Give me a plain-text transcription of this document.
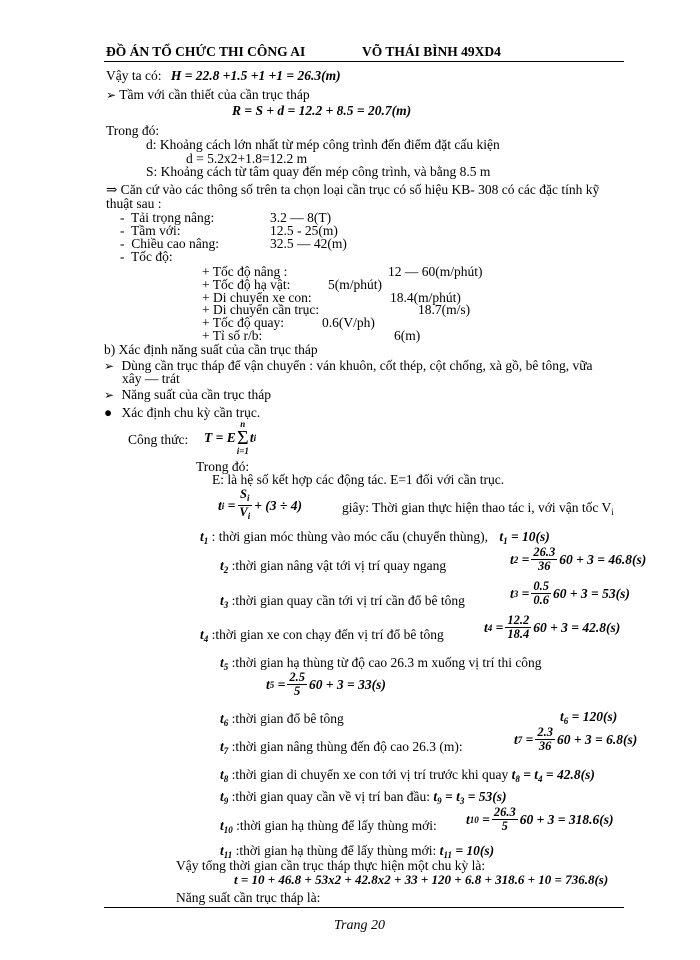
ĐỒ ÁN TỔ CHỨC THI CÔNG AI	VÕ THÁI BÌNH 49XD4
Vậy ta có: H = 22.8 +1.5 +1 +1 = 26.3(m)
➢ Tầm với cần thiết của cần trục tháp
R = S + d = 12.2 + 8.5 = 20.7(m)
Trong đó:
d: Khoảng cách lớn nhất từ mép công trình đến điểm đặt cấu kiện
d = 5.2x2+1.8=12.2 m
S: Khoảng cách từ tâm quay đến mép công trình, và bằng 8.5 m
⇒ Căn cứ vào các thông số trên ta chọn loại cần trục có số hiệu KB- 308 có các đặc tính kỹ
thuật sau :
- Tải trọng nâng:	3.2 — 8(T)
- Tầm với:	12.5 - 25(m)
- Chiều cao nâng:	32.5 — 42(m)
- Tốc độ:
+ Tốc độ nâng :	12 — 60(m/phút)
+ Tốc độ hạ vật:	5(m/phút)
+ Di chuyển xe con:	18.4(m/phút)
+ Di chuyển cần trục:	18.7(m/s)
+ Tốc độ quay:	0.6(V/ph)
+ Tỉ số r/b:	6(m)
b) Xác định năng suất của cần trục tháp
➢ Dùng cần trục tháp để vận chuyển : ván khuôn, cốt thép, cột chống, xà gồ, bê tông, vữa
xây — trát
➢ Năng suất của cần trục tháp
● Xác định chu kỳ cần trục.
Công thức: T = E
n
Σ
i=1
t i
Trong đó:
E: là hệ số kết hợp các động tác. E=1 đối với cần trục.
t $i = \frac{S_i}{V_i} + (3 \div 4)$	giây: Thời gian thực hiện thao tác i, với vận tốc $V_i$
$t_1$ : thời gian móc thùng vào móc cẩu (chuyển thùng), $t_1 = 10(s)$
$t_2$ :thời gian nâng vật tới vị trí quay ngang	t $2 = \frac{26.3}{36} 60 + 3 = 46.8(s)$
$t_3$ :thời gian quay cần tới vị trí cần đổ bê tông	t $3 = \frac{0.5}{0.6} 60 + 3 = 53(s)$
$t_4$ :thời gian xe con chạy đến vị trí đổ bê tông	t $4 = \frac{12.2}{18.4} 60 + 3 = 42.8(s)$
$t_5$ :thời gian hạ thùng từ độ cao 26.3 m xuống vị trí thi công
t $5 = \frac{2.5}{5} 60 + 3 = 33(s)$
$t_6$ :thời gian đổ bê tông	$t_6 = 120(s)$
$t_7$ :thời gian nâng thùng đến độ cao 26.3 (m):	t $7 = \frac{2.3}{36} 60 + 3 = 6.8(s)$
$t_8$ :thời gian di chuyển xe con tới vị trí trước khi quay $t_8 = t_4 = 42.8(s)$
$t_9$ :thời gian quay cần về vị trí ban đầu: $t_9 = t_3 = 53(s)$
$t_{10}$ :thời gian hạ thùng để lấy thùng mới: t $10 = \frac{26.3}{5} 60 + 3 = 318.6(s)$
$t_{11}$ :thời gian hạ thùng để lấy thùng mới: $t_{11} = 10(s)$
Vậy tổng thời gian cần trục tháp thực hiện một chu kỳ là:
t = 10 + 46.8 + 53x2 + 42.8x2 + 33 + 120 + 6.8 + 318.6 + 10 = 736.8(s)
Năng suất cần trục tháp là:
Trang 20
